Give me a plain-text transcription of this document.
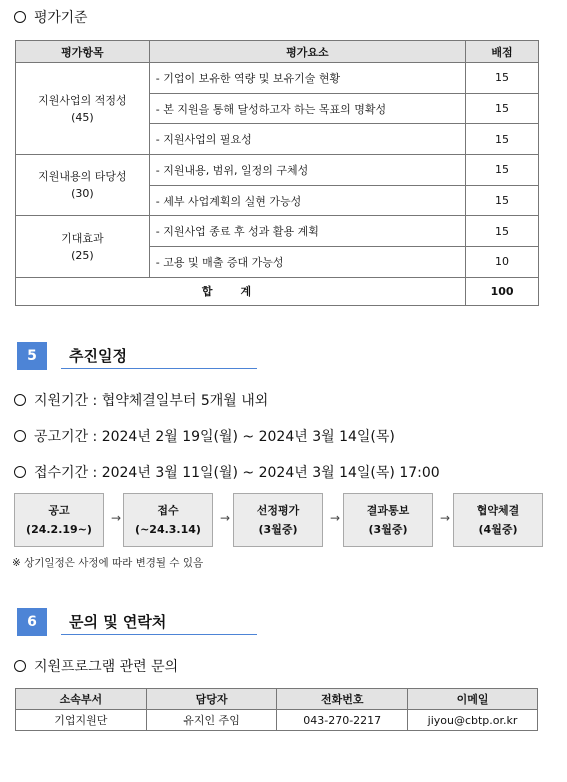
평가기준
평가항목	평가요소	배점

지원사업의 적정성
(45)	- 기업이 보유한 역량 및 보유기술 현황	15
	- 본 지원을 통해 달성하고자 하는 목표의 명확성	15
	- 지원사업의 필요성	15

지원내용의 타당성
(30)	- 지원내용, 범위, 일정의 구체성	15
	- 세부 사업계획의 실현 가능성	15

기대효과
(25)	- 지원사업 종료 후 성과 활용 계획	15
	- 고용 및 매출 증대 가능성	10
합계		100
5	추진일정
지원기간 : 협약체결일부터 5개월 내외
공고기간 : 2024년 2월 19일(월) ~ 2024년 3월 14일(목)
접수기간 : 2024년 3월 11일(월) ~ 2024년 3월 14일(목) 17:00
공고
(24.2.19~)
→
접수
(~24.3.14)
→
선정평가
(3월중)
→
결과통보
(3월중)
→
협약체결
(4월중)
※ 상기일정은 사정에 따라 변경될 수 있음
6	문의 및 연락처
지원프로그램 관련 문의
소속부서	담당자	전화번호	이메일
기업지원단	유지인 주임	043-270-2217	jiyou@cbtp.or.kr
